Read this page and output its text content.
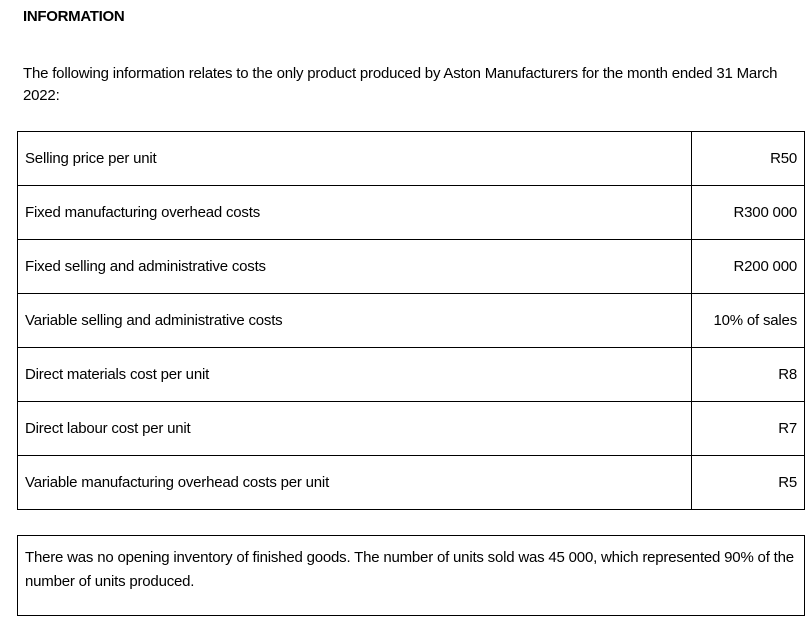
INFORMATION
The following information relates to the only product produced by Aston Manufacturers for the month ended 31 March 2022:
Selling price per unit	R50
Fixed manufacturing overhead costs	R300 000
Fixed selling and administrative costs	R200 000
Variable selling and administrative costs	10% of sales
Direct materials cost per unit	R8
Direct labour cost per unit	R7
Variable manufacturing overhead costs per unit	R5
There was no opening inventory of finished goods. The number of units sold was 45 000, which represented 90% of the number of units produced.
